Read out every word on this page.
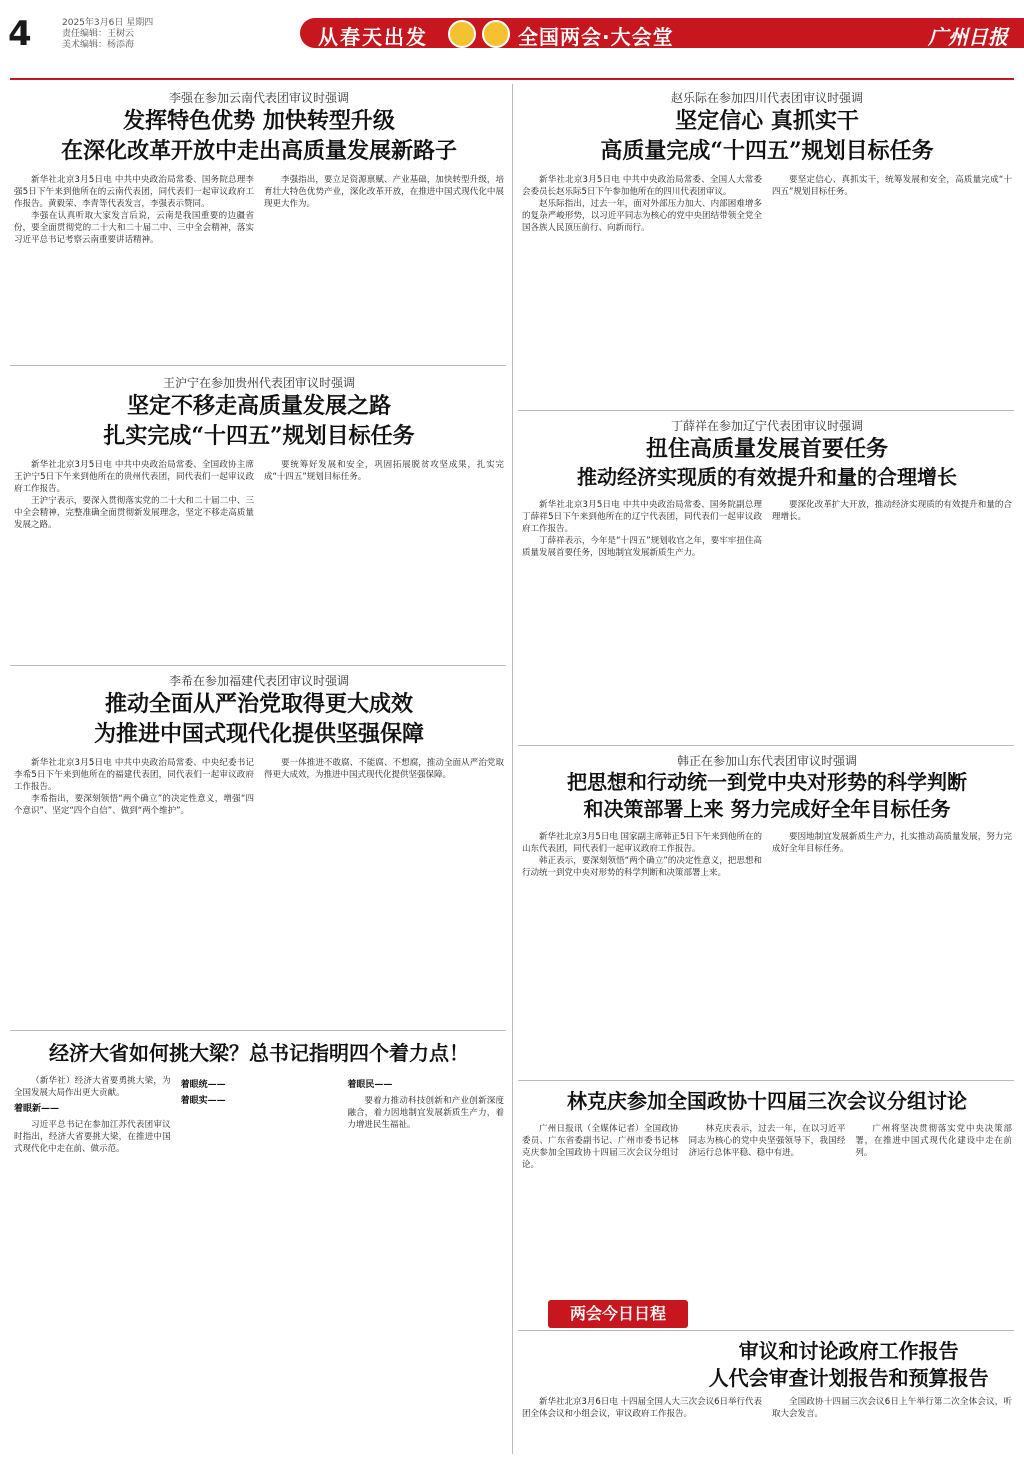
4	2025年3月6日 星期四
责任编辑：王树云
美术编辑：杨添海	从春天出发	全国两会·大会堂	广州日报
李强在参加云南代表团审议时强调
发挥特色优势 加快转型升级
在深化改革开放中走出高质量发展新路子

新华社北京3月5日电 中共中央政治局常委、国务院总理李强5日下午来到他所在的云南代表团，同代表们一起审议政府工作报告。黄毅荣、李青等代表发言，李强表示赞同。

李强在认真听取大家发言后说，云南是我国重要的边疆省份，要全面贯彻党的二十大和二十届二中、三中全会精神，落实习近平总书记考察云南重要讲话精神。

李强指出，要立足资源禀赋、产业基础，加快转型升级，培育壮大特色优势产业，深化改革开放，在推进中国式现代化中展现更大作为。

赵乐际在参加四川代表团审议时强调
坚定信心 真抓实干
高质量完成“十四五”规划目标任务

新华社北京3月5日电 中共中央政治局常委、全国人大常委会委员长赵乐际5日下午参加他所在的四川代表团审议。

赵乐际指出，过去一年，面对外部压力加大、内部困难增多的复杂严峻形势，以习近平同志为核心的党中央团结带领全党全国各族人民顶压前行、向新而行。

要坚定信心、真抓实干，统筹发展和安全，高质量完成“十四五”规划目标任务。

王沪宁在参加贵州代表团审议时强调
坚定不移走高质量发展之路
扎实完成“十四五”规划目标任务

新华社北京3月5日电 中共中央政治局常委、全国政协主席王沪宁5日下午来到他所在的贵州代表团，同代表们一起审议政府工作报告。

王沪宁表示，要深入贯彻落实党的二十大和二十届二中、三中全会精神，完整准确全面贯彻新发展理念，坚定不移走高质量发展之路。

要统筹好发展和安全，巩固拓展脱贫攻坚成果，扎实完成“十四五”规划目标任务。

丁薛祥在参加辽宁代表团审议时强调
扭住高质量发展首要任务
推动经济实现质的有效提升和量的合理增长

新华社北京3月5日电 中共中央政治局常委、国务院副总理丁薛祥5日下午来到他所在的辽宁代表团，同代表们一起审议政府工作报告。

丁薛祥表示，今年是“十四五”规划收官之年，要牢牢扭住高质量发展首要任务，因地制宜发展新质生产力。

要深化改革扩大开放，推动经济实现质的有效提升和量的合理增长。

李希在参加福建代表团审议时强调
推动全面从严治党取得更大成效
为推进中国式现代化提供坚强保障

新华社北京3月5日电 中共中央政治局常委、中央纪委书记李希5日下午来到他所在的福建代表团，同代表们一起审议政府工作报告。

李希指出，要深刻领悟“两个确立”的决定性意义，增强“四个意识”、坚定“四个自信”、做到“两个维护”。

要一体推进不敢腐、不能腐、不想腐，推动全面从严治党取得更大成效，为推进中国式现代化提供坚强保障。

韩正在参加山东代表团审议时强调
把思想和行动统一到党中央对形势的科学判断
和决策部署上来 努力完成好全年目标任务

新华社北京3月5日电 国家副主席韩正5日下午来到他所在的山东代表团，同代表们一起审议政府工作报告。

韩正表示，要深刻领悟“两个确立”的决定性意义，把思想和行动统一到党中央对形势的科学判断和决策部署上来。

要因地制宜发展新质生产力，扎实推动高质量发展，努力完成好全年目标任务。

经济大省如何挑大梁？总书记指明四个着力点！

（新华社）经济大省要勇挑大梁，为全国发展大局作出更大贡献。

着眼新——

习近平总书记在参加江苏代表团审议时指出，经济大省要挑大梁，在推进中国式现代化中走在前、做示范。

着眼统——
着眼实——
着眼民——

要着力推动科技创新和产业创新深度融合，着力因地制宜发展新质生产力，着力增进民生福祉。

林克庆参加全国政协十四届三次会议分组讨论

广州日报讯（全媒体记者）全国政协委员、广东省委副书记、广州市委书记林克庆参加全国政协十四届三次会议分组讨论。

林克庆表示，过去一年，在以习近平同志为核心的党中央坚强领导下，我国经济运行总体平稳、稳中有进。

广州将坚决贯彻落实党中央决策部署，在推进中国式现代化建设中走在前列。

两会今日日程
审议和讨论政府工作报告
人代会审查计划报告和预算报告

新华社北京3月6日电 十四届全国人大三次会议6日举行代表团全体会议和小组会议，审议政府工作报告。

全国政协十四届三次会议6日上午举行第二次全体会议，听取大会发言。
